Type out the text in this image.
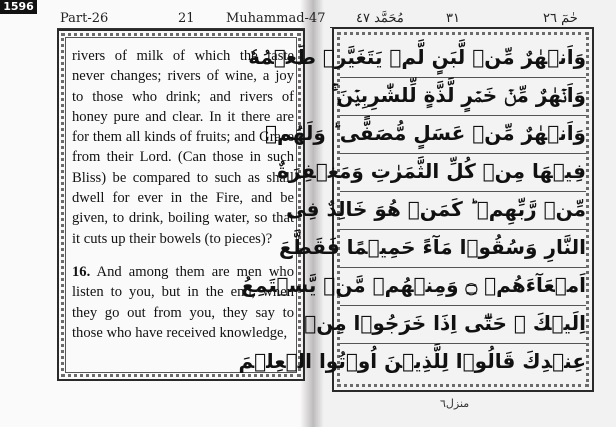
1596
Part-26	21 Muhammad-47 مُحَمَّد ٤٧	٣١	حٰمٓ ٢٦

rivers of milk of which the taste never changes; rivers of wine, a joy to those who drink; and rivers of honey pure and clear. In it there are for them all kinds of fruits; and Grace from their Lord. (Can those in such Bliss) be compared to such as shall dwell for ever in the Fire, and be given, to drink, boiling water, so that it cuts up their bowels (to pieces)?

16. And among them are men who listen to you, but in the end, when they go out from you, they say to those who have received knowledge,

وَاَنۡهٰرٌ مِّنۡ لَّبَنٍ لَّمۡ يَتَغَيَّرۡ طَعۡمُهٗ
وَاَنۡهٰرٌ مِّنۡ خَمۡرٍ لَّذَّةٍ لِّلشّٰرِبِيۡنَ ۚ
وَاَنۡهٰرٌ مِّنۡ عَسَلٍ مُّصَفًّى ؕ وَلَهُمۡ
فِيۡهَا مِنۡ كُلِّ الثَّمَرٰتِ وَمَغۡفِرَةٌ
مِّنۡ رَّبِّهِمۡ ؕ كَمَنۡ هُوَ خَالِدٌ فِى
النَّارِ وَسُقُوۡا مَآءً حَمِيۡمًا فَقَطَّعَ
اَمۡعَآءَهُمۡ ۝ وَمِنۡهُمۡ مَّنۡ يَّسۡتَمِعُ
اِلَيۡكَ ۚ حَتّٰٓى اِذَا خَرَجُوۡا مِنۡ
عِنۡدِكَ قَالُوۡا لِلَّذِيۡنَ اُوۡتُوا الۡعِلۡمَ
منزل٦
